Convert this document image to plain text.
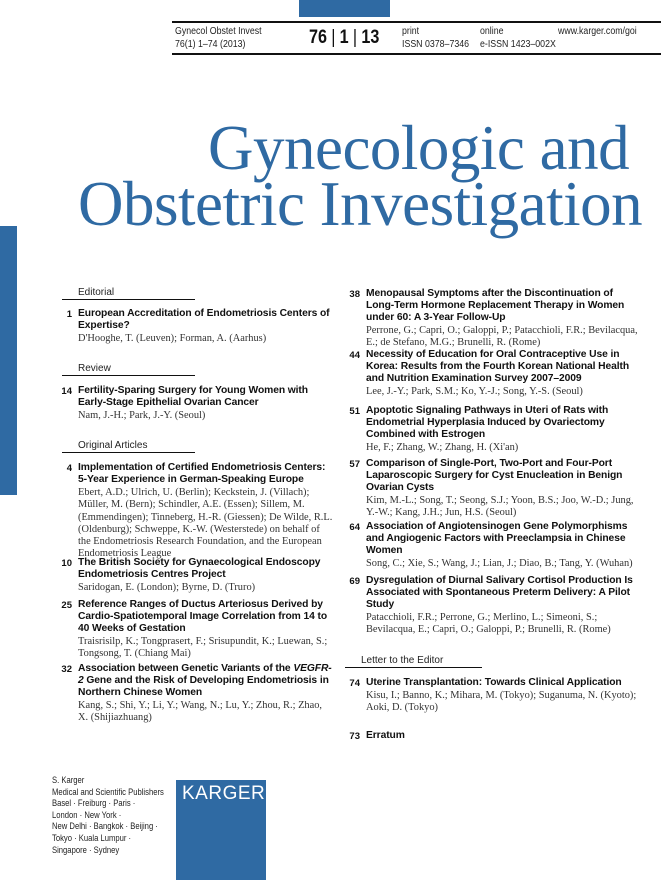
Gynecol Obstet Invest
76(1) 1–74 (2013)	76 | 1 | 13 print
ISSN 0378–7346
online
e-ISSN 1423–002X
www.karger.com/goi
Gynecologic and
Obstetric Investigation
Editorial
Review
Original Articles
Letter to the Editor
1 European Accreditation of Endometriosis Centers of Expertise?
D'Hooghe, T. (Leuven); Forman, A. (Aarhus)
14 Fertility-Sparing Surgery for Young Women with Early-Stage Epithelial Ovarian Cancer
Nam, J.-H.; Park, J.-Y. (Seoul)
4 Implementation of Certified Endometriosis Centers: 5-Year Experience in German-Speaking Europe
Ebert, A.D.; Ulrich, U. (Berlin); Keckstein, J. (Villach); Müller, M. (Bern); Schindler, A.E. (Essen); Sillem, M. (Emmendingen); Tinneberg, H.-R. (Giessen); De Wilde, R.L. (Oldenburg); Schweppe, K.-W. (Westerstede) on behalf of the Endometriosis Research Foundation, and the European Endometriosis League
10 The British Society for Gynaecological Endoscopy Endometriosis Centres Project
Saridogan, E. (London); Byrne, D. (Truro)
25 Reference Ranges of Ductus Arteriosus Derived by Cardio-Spatiotemporal Image Correlation from 14 to 40 Weeks of Gestation
Traisrisilp, K.; Tongprasert, F.; Srisupundit, K.; Luewan, S.; Tongsong, T. (Chiang Mai)
32 Association between Genetic Variants of the VEGFR-2 Gene and the Risk of Developing Endometriosis in Northern Chinese Women
Kang, S.; Shi, Y.; Li, Y.; Wang, N.; Lu, Y.; Zhou, R.; Zhao, X. (Shijiazhuang)
38 Menopausal Symptoms after the Discontinuation of Long-Term Hormone Replacement Therapy in Women under 60: A 3-Year Follow-Up
Perrone, G.; Capri, O.; Galoppi, P.; Patacchioli, F.R.; Bevilacqua, E.; de Stefano, M.G.; Brunelli, R. (Rome)
44 Necessity of Education for Oral Contraceptive Use in Korea: Results from the Fourth Korean National Health and Nutrition Examination Survey 2007–2009
Lee, J.-Y.; Park, S.M.; Ko, Y.-J.; Song, Y.-S. (Seoul)
51 Apoptotic Signaling Pathways in Uteri of Rats with Endometrial Hyperplasia Induced by Ovariectomy Combined with Estrogen
He, F.; Zhang, W.; Zhang, H. (Xi'an)
57 Comparison of Single-Port, Two-Port and Four-Port Laparoscopic Surgery for Cyst Enucleation in Benign Ovarian Cysts
Kim, M.-L.; Song, T.; Seong, S.J.; Yoon, B.S.; Joo, W.-D.; Jung, Y.-W.; Kang, J.H.; Jun, H.S. (Seoul)
64 Association of Angiotensinogen Gene Polymorphisms and Angiogenic Factors with Preeclampsia in Chinese Women
Song, C.; Xie, S.; Wang, J.; Lian, J.; Diao, B.; Tang, Y. (Wuhan)
69 Dysregulation of Diurnal Salivary Cortisol Production Is Associated with Spontaneous Preterm Delivery: A Pilot Study
Patacchioli, F.R.; Perrone, G.; Merlino, L.; Simeoni, S.; Bevilacqua, E.; Capri, O.; Galoppi, P.; Brunelli, R. (Rome)
74 Uterine Transplantation: Towards Clinical Application
Kisu, I.; Banno, K.; Mihara, M. (Tokyo); Suganuma, N. (Kyoto); Aoki, D. (Tokyo)
73 Erratum
S. Karger
Medical and Scientific Publishers
Basel · Freiburg · Paris ·
London · New York ·
New Delhi · Bangkok · Beijing ·
Tokyo · Kuala Lumpur ·
Singapore · Sydney
KARGER
